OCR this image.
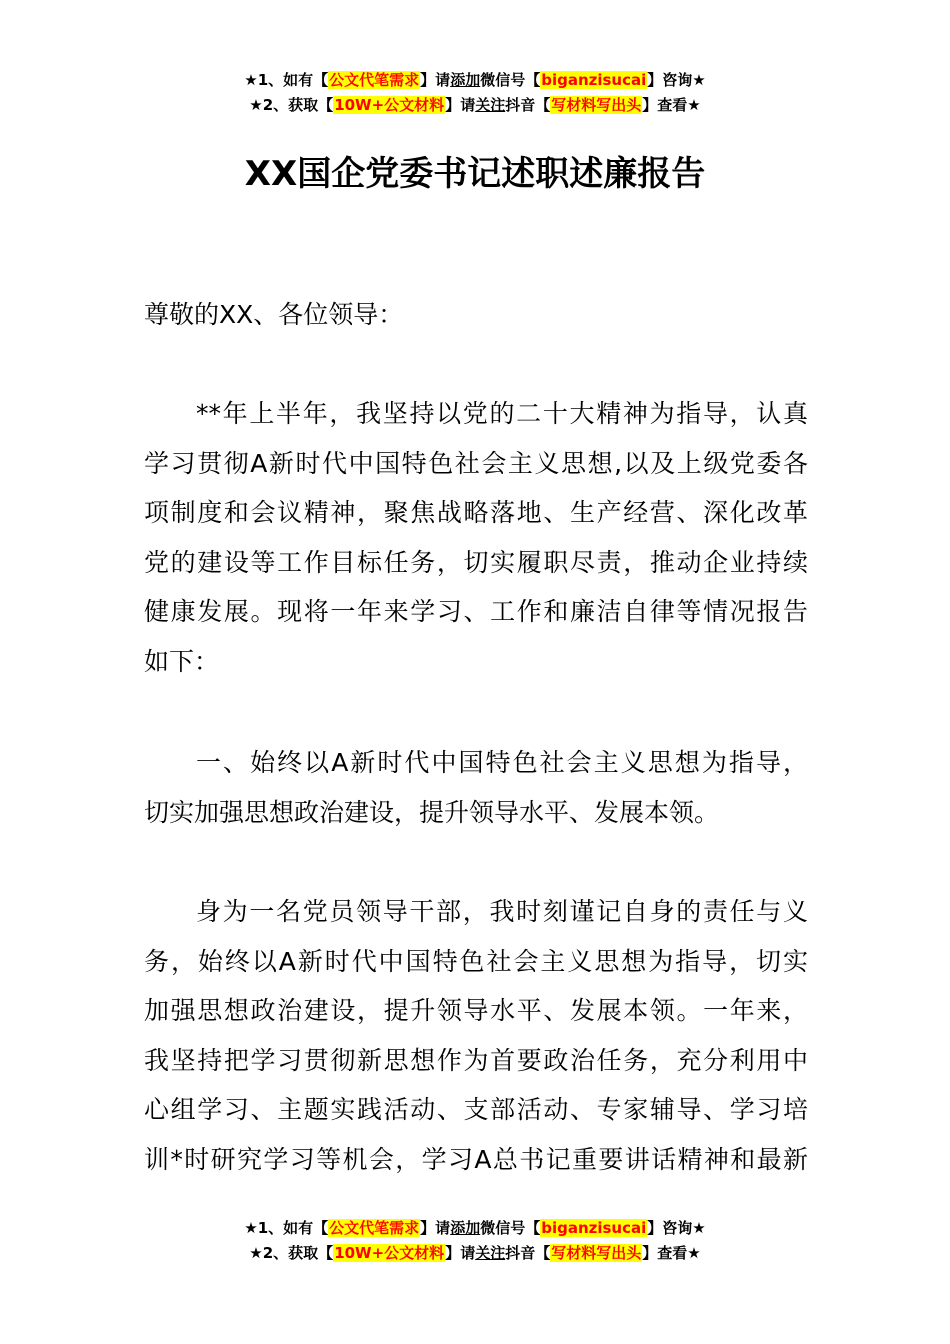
★1、如有【公文代笔需求】请添加微信号【biganzisucai】咨询★
★2、获取【10W+公文材料】请关注抖音【写材料写出头】查看★
XX国企党委书记述职述廉报告
尊敬的XX、各位领导：
**年上半年，我坚持以党的二十大精神为指导，认真
学习贯彻A新时代中国特色社会主义思想,以及上级党委各
项制度和会议精神，聚焦战略落地、生产经营、深化改革
党的建设等工作目标任务，切实履职尽责，推动企业持续
健康发展。现将一年来学习、工作和廉洁自律等情况报告
如下：
一、始终以A新时代中国特色社会主义思想为指导，
切实加强思想政治建设，提升领导水平、发展本领。
身为一名党员领导干部，我时刻谨记自身的责任与义
务，始终以A新时代中国特色社会主义思想为指导，切实
加强思想政治建设，提升领导水平、发展本领。一年来，
我坚持把学习贯彻新思想作为首要政治任务，充分利用中
心组学习、主题实践活动、支部活动、专家辅导、学习培
训*时研究学习等机会，学习A总书记重要讲话精神和最新
★1、如有【公文代笔需求】请添加微信号【biganzisucai】咨询★
★2、获取【10W+公文材料】请关注抖音【写材料写出头】查看★
